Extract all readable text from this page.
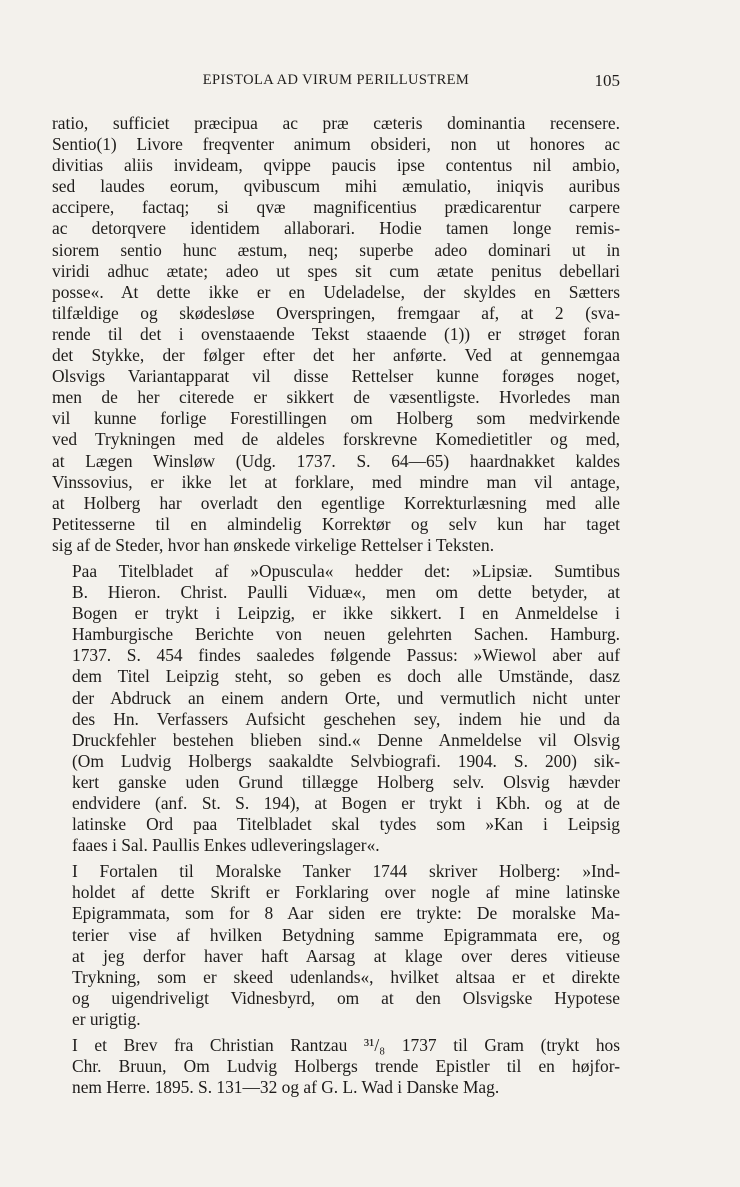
EPISTOLA AD VIRUM PERILLUSTREM	105
ratio, sufficiet præcipua ac præ cæteris dominantia recensere.
Sentio(1) Livore freqventer animum obsideri, non ut honores ac
divitias aliis invideam, qvippe paucis ipse contentus nil ambio,
sed laudes eorum, qvibuscum mihi æmulatio, iniqvis auribus
accipere, factaq; si qvæ magnificentius prædicarentur carpere
ac detorqvere identidem allaborari. Hodie tamen longe remis-
siorem sentio hunc æstum, neq; superbe adeo dominari ut in
viridi adhuc ætate; adeo ut spes sit cum ætate penitus debellari
posse«. At dette ikke er en Udeladelse, der skyldes en Sætters
tilfældige og skødesløse Overspringen, fremgaar af, at 2 (sva-
rende til det i ovenstaaende Tekst staaende (1)) er strøget foran
det Stykke, der følger efter det her anførte. Ved at gennemgaa
Olsvigs Variantapparat vil disse Rettelser kunne forøges noget,
men de her citerede er sikkert de væsentligste. Hvorledes man
vil kunne forlige Forestillingen om Holberg som medvirkende
ved Trykningen med de aldeles forskrevne Komedietitler og med,
at Lægen Winsløw (Udg. 1737. S. 64—65) haardnakket kaldes
Vinssovius, er ikke let at forklare, med mindre man vil antage,
at Holberg har overladt den egentlige Korrekturlæsning med alle
Petitesserne til en almindelig Korrektør og selv kun har taget
sig af de Steder, hvor han ønskede virkelige Rettelser i Teksten.
Paa Titelbladet af »Opuscula« hedder det: »Lipsiæ. Sumtibus
B. Hieron. Christ. Paulli Viduæ«, men om dette betyder, at
Bogen er trykt i Leipzig, er ikke sikkert. I en Anmeldelse i
Hamburgische Berichte von neuen gelehrten Sachen. Hamburg.
1737. S. 454 findes saaledes følgende Passus: »Wiewol aber auf
dem Titel Leipzig steht, so geben es doch alle Umstände, dasz
der Abdruck an einem andern Orte, und vermutlich nicht unter
des Hn. Verfassers Aufsicht geschehen sey, indem hie und da
Druckfehler bestehen blieben sind.« Denne Anmeldelse vil Olsvig
(Om Ludvig Holbergs saakaldte Selvbiografi. 1904. S. 200) sik-
kert ganske uden Grund tillægge Holberg selv. Olsvig hævder
endvidere (anf. St. S. 194), at Bogen er trykt i Kbh. og at de
latinske Ord paa Titelbladet skal tydes som »Kan i Leipsig
faaes i Sal. Paullis Enkes udleveringslager«.
I Fortalen til Moralske Tanker 1744 skriver Holberg: »Ind-
holdet af dette Skrift er Forklaring over nogle af mine latinske
Epigrammata, som for 8 Aar siden ere trykte: De moralske Ma-
terier vise af hvilken Betydning samme Epigrammata ere, og
at jeg derfor haver haft Aarsag at klage over deres vitieuse
Trykning, som er skeed udenlands«, hvilket altsaa er et direkte
og uigendriveligt Vidnesbyrd, om at den Olsvigske Hypotese
er urigtig.
I et Brev fra Christian Rantzau ³¹/₈ 1737 til Gram (trykt hos
Chr. Bruun, Om Ludvig Holbergs trende Epistler til en højfor-
nem Herre. 1895. S. 131—32 og af G. L. Wad i Danske Mag.
